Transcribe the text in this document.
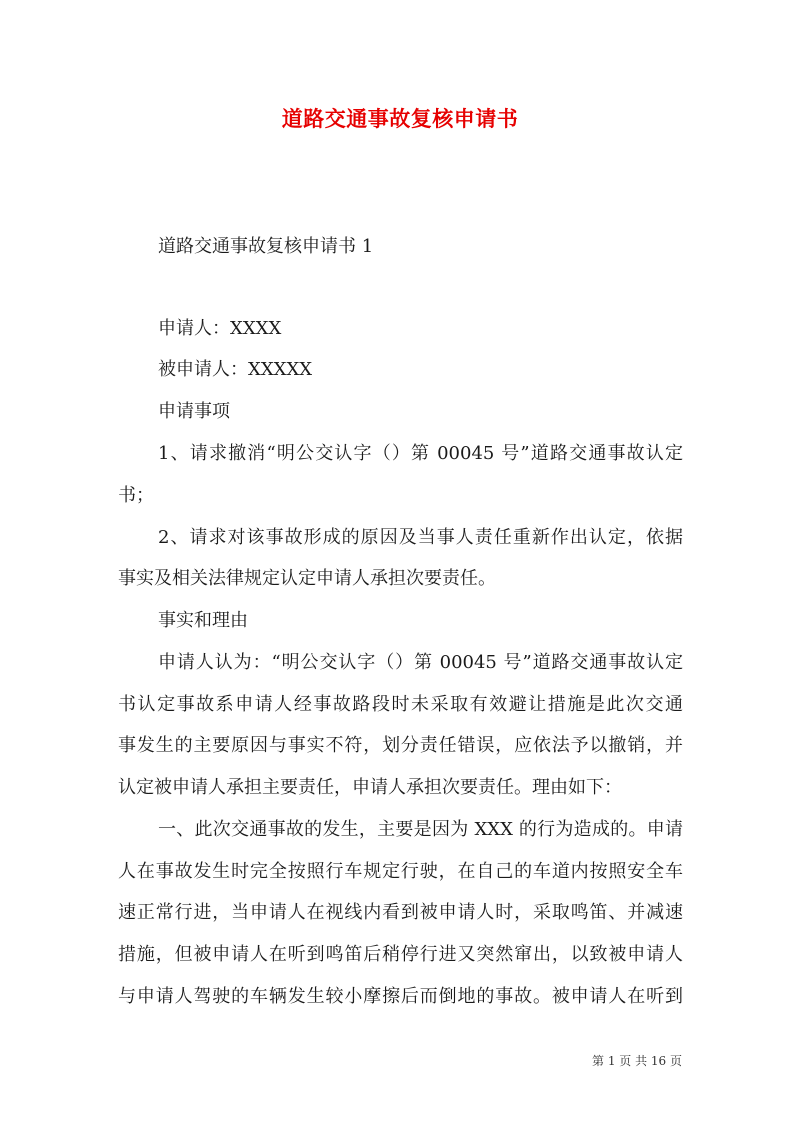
道路交通事故复核申请书
道路交通事故复核申请书 1
申请人：XXXX
被申请人：XXXXX
申请事项
1、请求撤消“明公交认字（）第 00045 号”道路交通事故认定
书；
2、请求对该事故形成的原因及当事人责任重新作出认定，依据
事实及相关法律规定认定申请人承担次要责任。
事实和理由
申请人认为：“明公交认字（）第 00045 号”道路交通事故认定
书认定事故系申请人经事故路段时未采取有效避让措施是此次交通
事发生的主要原因与事实不符，划分责任错误，应依法予以撤销，并
认定被申请人承担主要责任，申请人承担次要责任。理由如下：
一、此次交通事故的发生，主要是因为 XXX 的行为造成的。申请
人在事故发生时完全按照行车规定行驶，在自己的车道内按照安全车
速正常行进，当申请人在视线内看到被申请人时，采取鸣笛、并减速
措施，但被申请人在听到鸣笛后稍停行进又突然窜出，以致被申请人
与申请人驾驶的车辆发生较小摩擦后而倒地的事故。被申请人在听到
第 1 页 共 16 页
